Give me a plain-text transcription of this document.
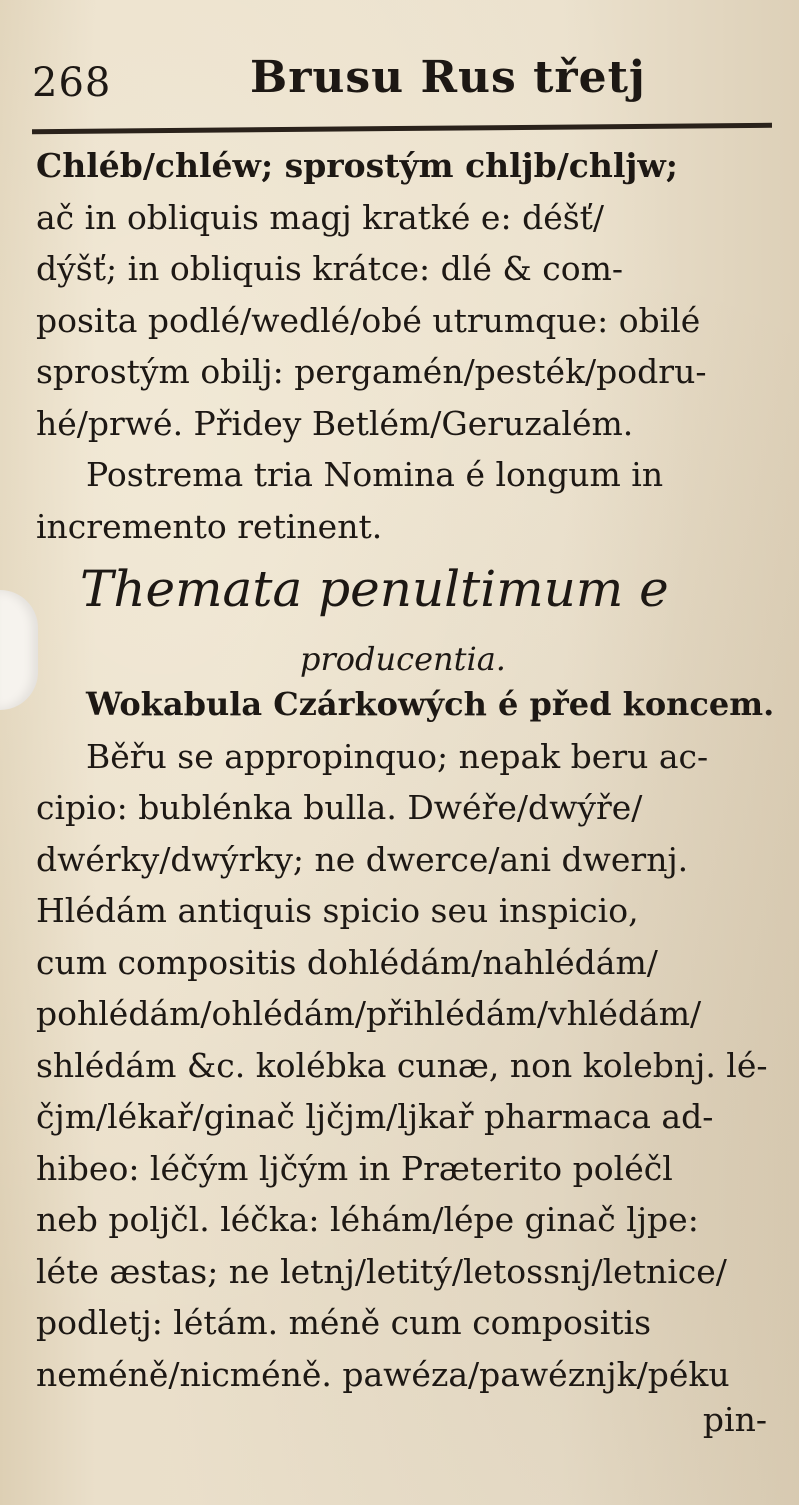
268	Brusu Rus třetj
Chléb/chléw; sprostým chljb/chljw;
ač in obliquis magj kratké e: déšť/
dýšť; in obliquis krátce: dlé & com-
posita podlé/wedlé/obé utrumque: obilé
sprostým obilj: pergamén/pesték/podru-
hé/prwé. Přidey Betlém/Geruzalém.
Postrema tria Nomina é longum in
incremento retinent.
Themata penultimum e
producentia.
Wokabula Czárkowých é před koncem.
Běřu se appropinquo; nepak beru ac-
cipio: bublénka bulla. Dwéře/dwýře/
dwérky/dwýrky; ne dwerce/ani dwernj.
Hlédám antiquis spicio seu inspicio,
cum compositis dohlédám/nahlédám/
pohlédám/ohlédám/přihlédám/vhlédám/
shlédám &c. kolébka cunæ, non kolebnj. lé-
čjm/lékař/ginač ljčjm/ljkař pharmaca ad-
hibeo: léčým ljčým in Præterito poléčl
neb poljčl. léčka: léhám/lépe ginač ljpe:
léte æstas; ne letnj/letitý/letossnj/letnice/
podletj: létám. méně cum compositis
neméně/nicméně. pawéza/pawéznjk/péku
pin-
